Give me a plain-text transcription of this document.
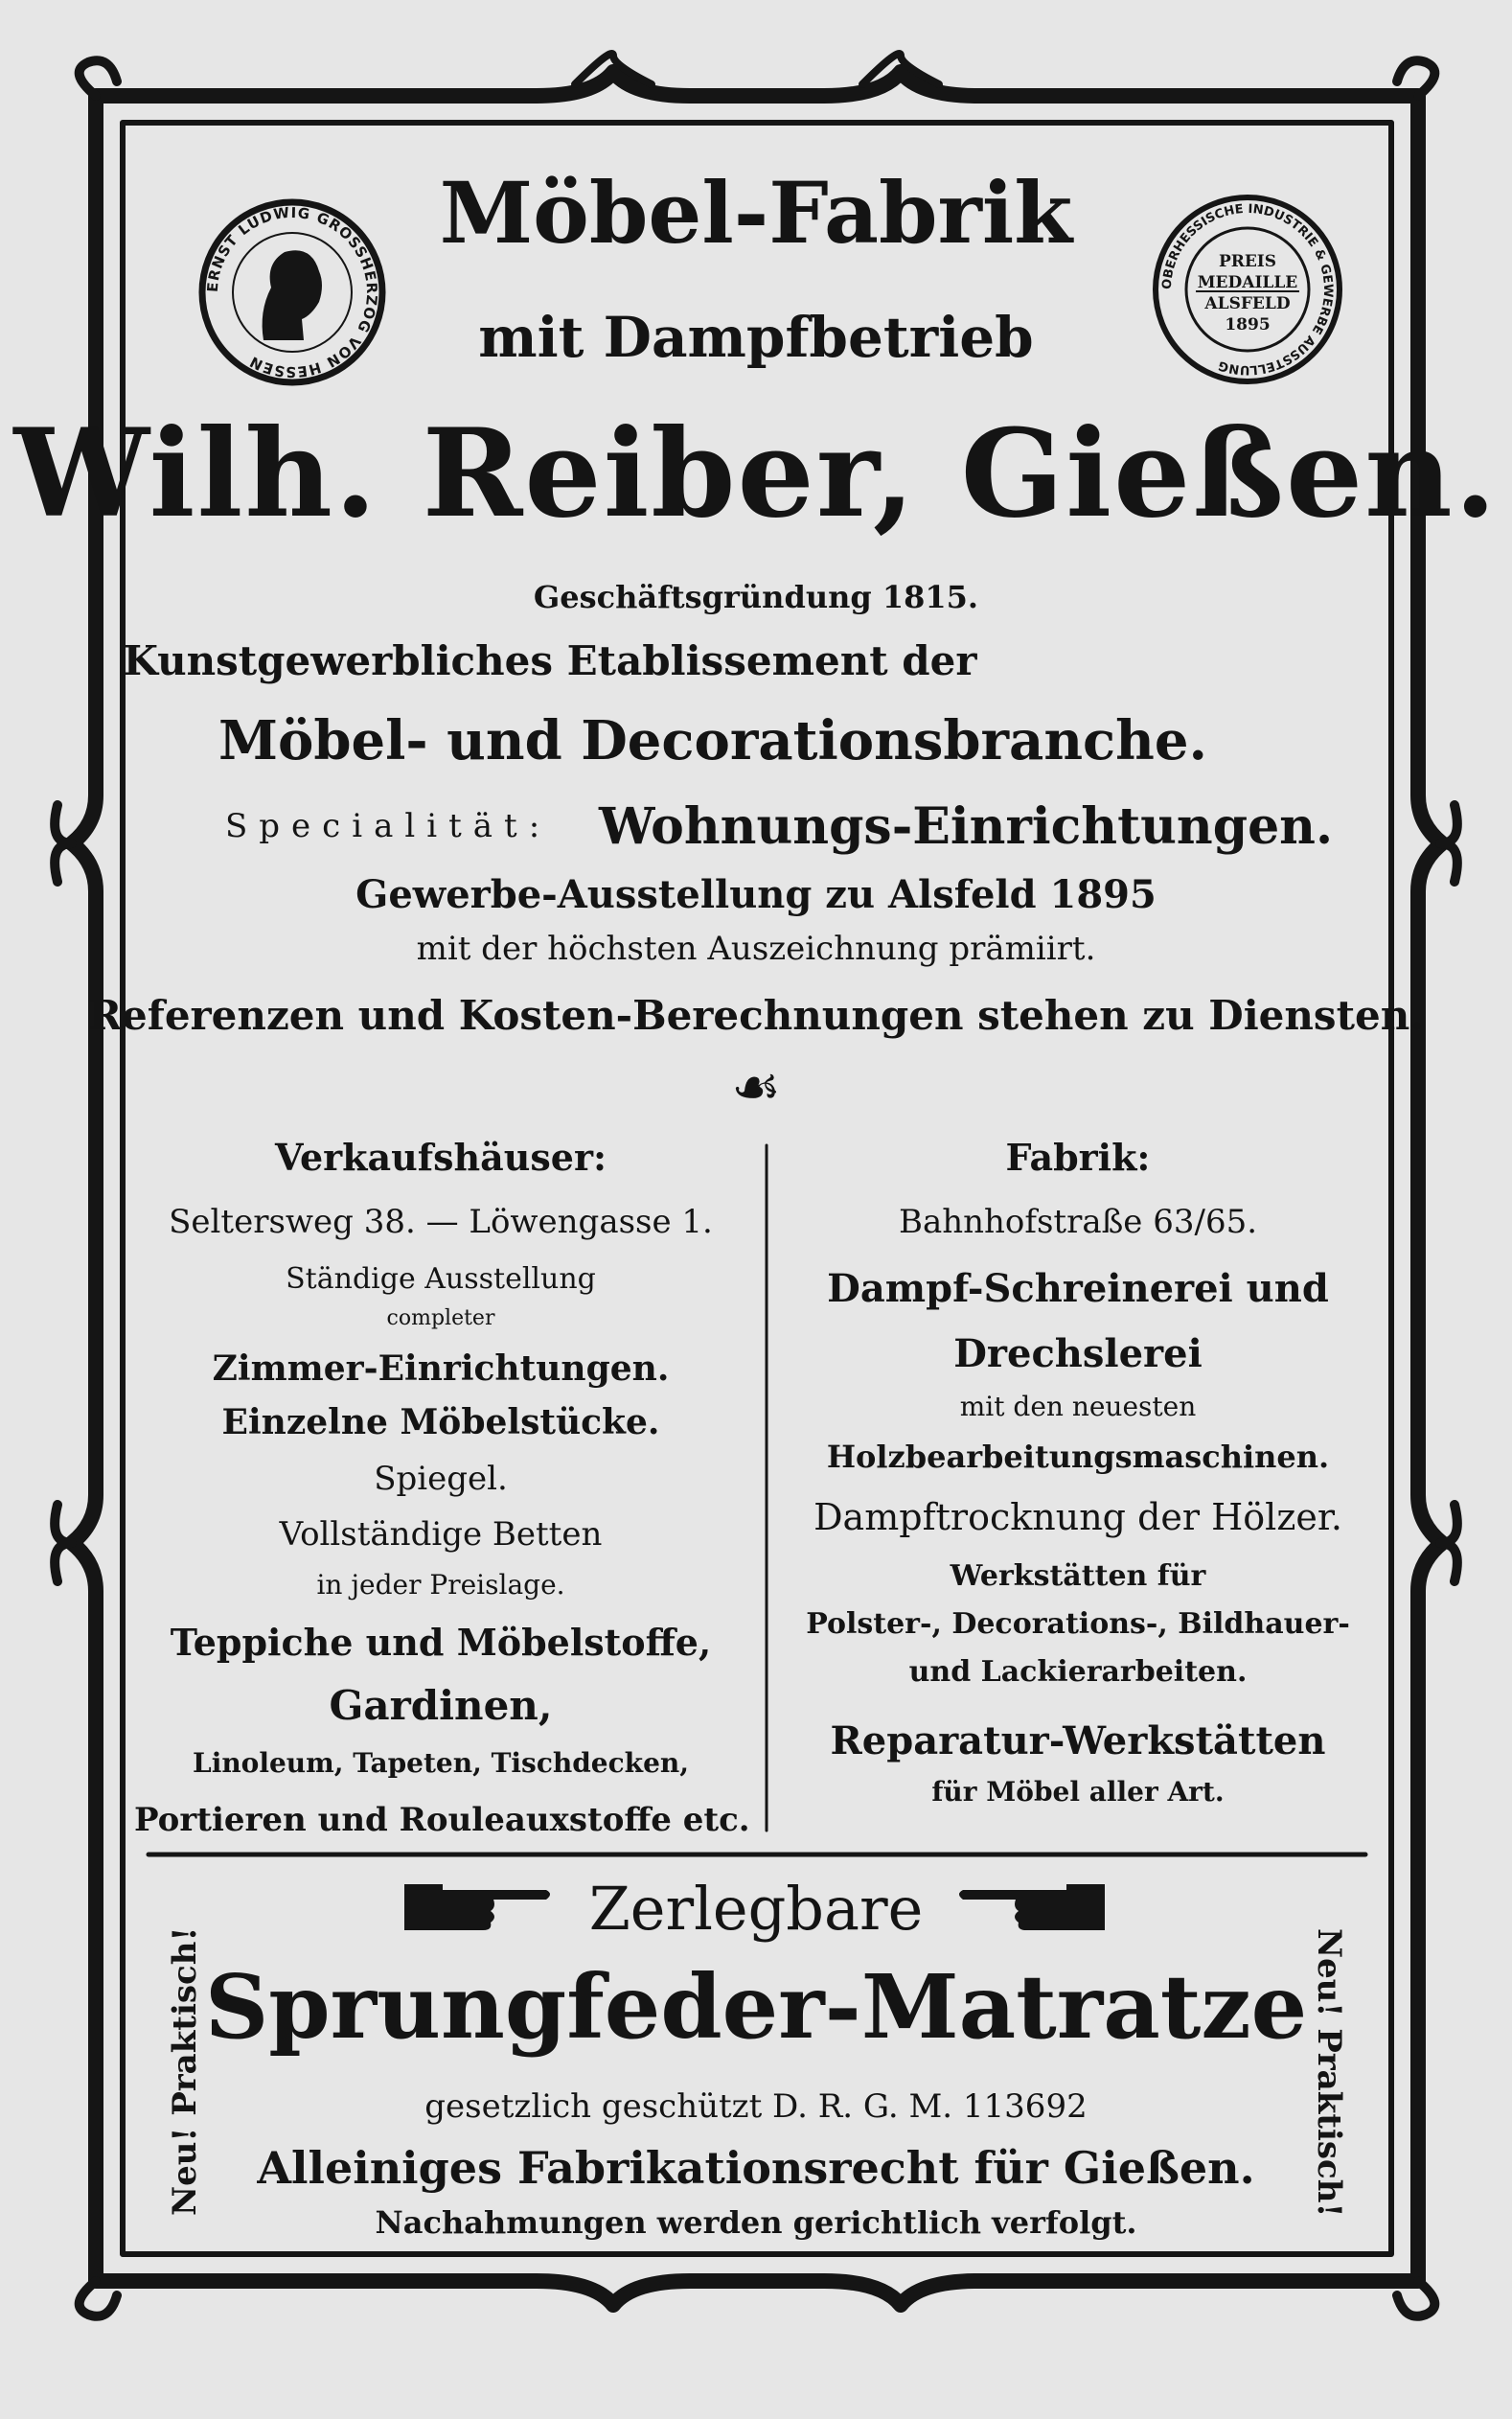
ERNST LUDWIG GROSSHERZOG VON HESSEN
OBERHESSISCHE INDUSTRIE & GEWERBE AUSSTELLUNG
PREIS
MEDAILLE
ALSFELD
1895
Möbel-Fabrik
mit Dampfbetrieb
Wilh. Reiber, Gießen.
Geschäftsgründung 1815.
Kunstgewerbliches Etablissement der
Möbel- und Decorationsbranche.
Specialität: Wohnungs-Einrichtungen.
Gewerbe-Ausstellung zu Alsfeld 1895
mit der höchsten Auszeichnung prämiirt.
Referenzen und Kosten-Berechnungen stehen zu Diensten.
☙
Verkaufshäuser:
Seltersweg 38. — Löwengasse 1.
Ständige Ausstellung
completer
Zimmer-Einrichtungen.
Einzelne Möbelstücke.
Spiegel.
Vollständige Betten
in jeder Preislage.
Teppiche und Möbelstoffe,
Gardinen,
Linoleum, Tapeten, Tischdecken,
Portieren und Rouleauxstoffe etc.
Fabrik:
Bahnhofstraße 63/65.
Dampf-Schreinerei und
Drechslerei
mit den neuesten
Holzbearbeitungsmaschinen.
Dampftrocknung der Hölzer.
Werkstätten für
Polster-, Decorations-, Bildhauer-
und Lackierarbeiten.
Reparatur-Werkstätten
für Möbel aller Art.
Zerlegbare
Sprungfeder-Matratze
gesetzlich geschützt D. R. G. M. 113692
Alleiniges Fabrikationsrecht für Gießen.
Nachahmungen werden gerichtlich verfolgt.
Neu! Praktisch!	Neu! Praktisch!
